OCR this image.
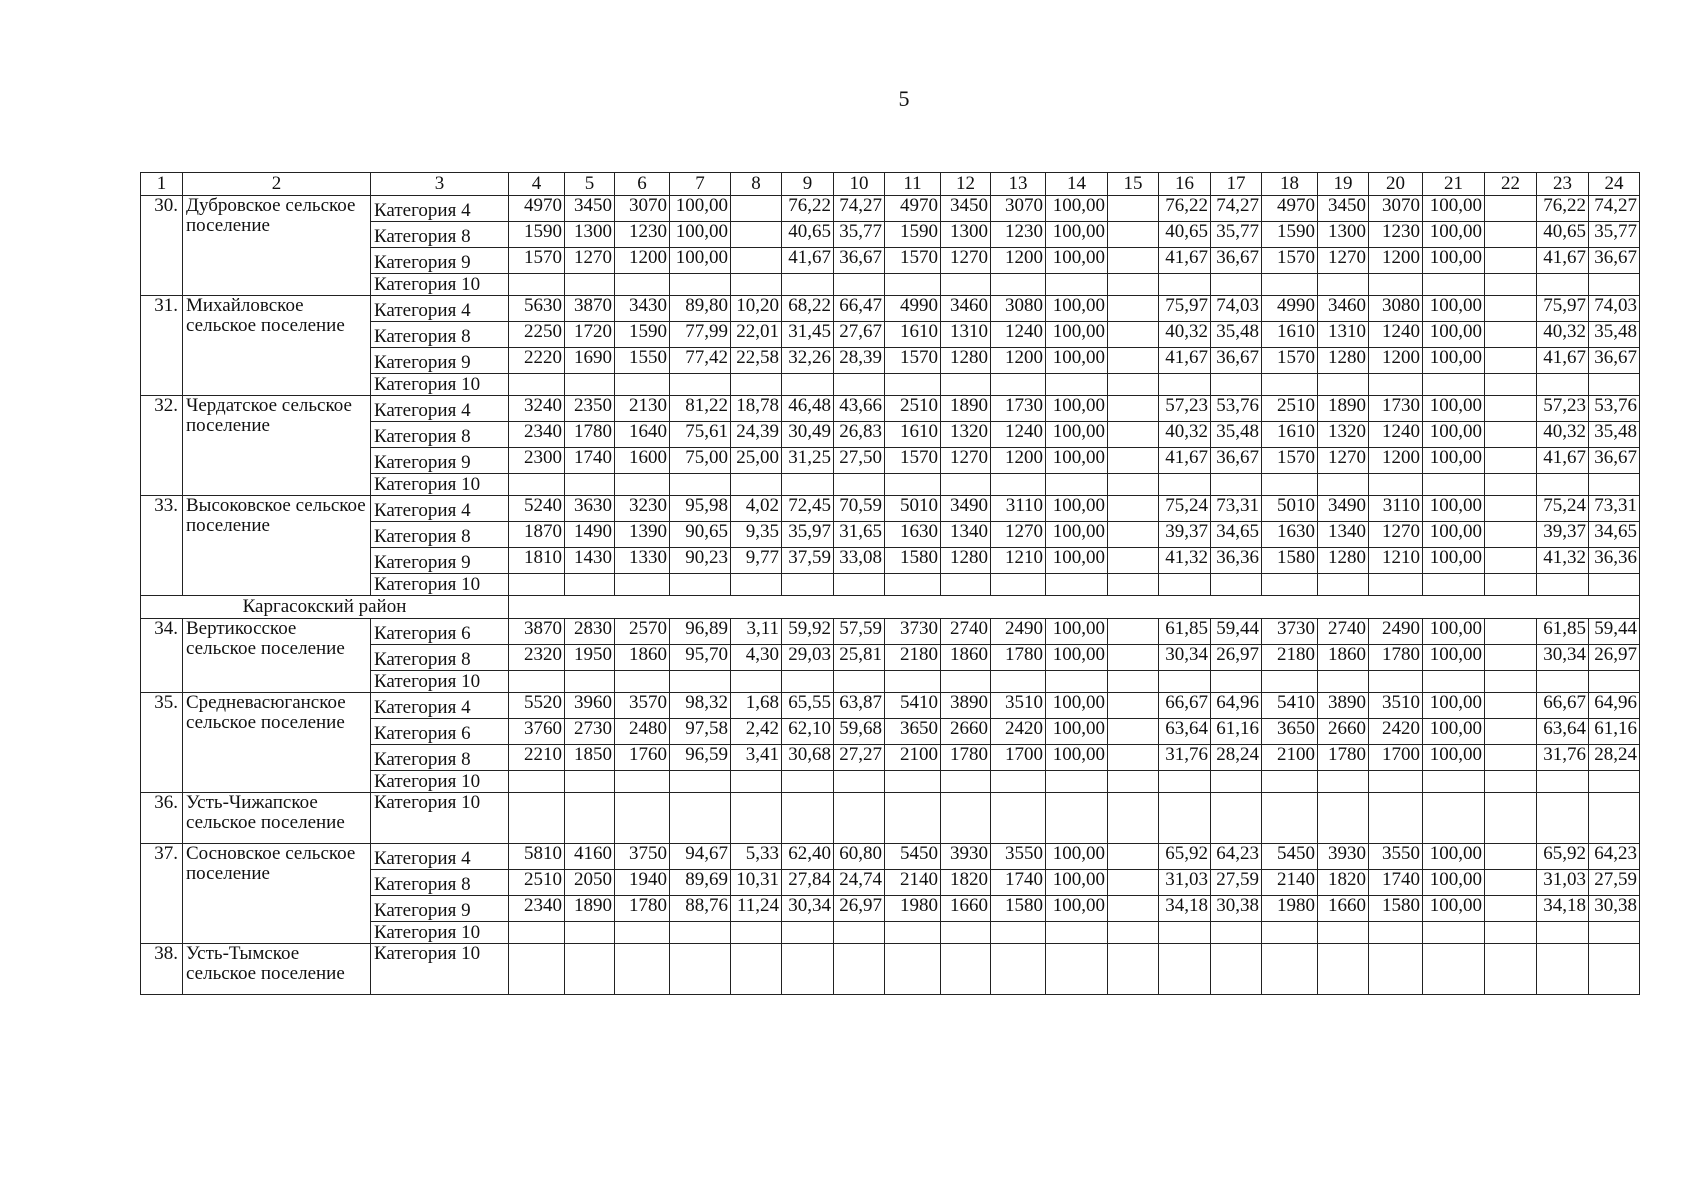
5
1	2	3	4	5	6	7	8	9	10	11	12	13	14	15	16	17	18	19	20	21	22	23	24
30.	Дубровское сельское поселение	Категория 4	4970	3450	3070	100,00		76,22	74,27	4970	3450	3070	100,00		76,22	74,27	4970	3450	3070	100,00		76,22	74,27
		Категория 8	1590	1300	1230	100,00		40,65	35,77	1590	1300	1230	100,00		40,65	35,77	1590	1300	1230	100,00		40,65	35,77
		Категория 9	1570	1270	1200	100,00		41,67	36,67	1570	1270	1200	100,00		41,67	36,67	1570	1270	1200	100,00		41,67	36,67
		Категория 10																					
31.	Михайловское сельское поселение	Категория 4	5630	3870	3430	89,80	10,20	68,22	66,47	4990	3460	3080	100,00		75,97	74,03	4990	3460	3080	100,00		75,97	74,03
		Категория 8	2250	1720	1590	77,99	22,01	31,45	27,67	1610	1310	1240	100,00		40,32	35,48	1610	1310	1240	100,00		40,32	35,48
		Категория 9	2220	1690	1550	77,42	22,58	32,26	28,39	1570	1280	1200	100,00		41,67	36,67	1570	1280	1200	100,00		41,67	36,67
		Категория 10																					
32.	Чердатское сельское поселение	Категория 4	3240	2350	2130	81,22	18,78	46,48	43,66	2510	1890	1730	100,00		57,23	53,76	2510	1890	1730	100,00		57,23	53,76
		Категория 8	2340	1780	1640	75,61	24,39	30,49	26,83	1610	1320	1240	100,00		40,32	35,48	1610	1320	1240	100,00		40,32	35,48
		Категория 9	2300	1740	1600	75,00	25,00	31,25	27,50	1570	1270	1200	100,00		41,67	36,67	1570	1270	1200	100,00		41,67	36,67
		Категория 10																					
33.	Высоковское сельское поселение	Категория 4	5240	3630	3230	95,98	4,02	72,45	70,59	5010	3490	3110	100,00		75,24	73,31	5010	3490	3110	100,00		75,24	73,31
		Категория 8	1870	1490	1390	90,65	9,35	35,97	31,65	1630	1340	1270	100,00		39,37	34,65	1630	1340	1270	100,00		39,37	34,65
		Категория 9	1810	1430	1330	90,23	9,77	37,59	33,08	1580	1280	1210	100,00		41,32	36,36	1580	1280	1210	100,00		41,32	36,36
		Категория 10																					
Каргасокский район																							
34.	Вертикосское сельское поселение	Категория 6	3870	2830	2570	96,89	3,11	59,92	57,59	3730	2740	2490	100,00		61,85	59,44	3730	2740	2490	100,00		61,85	59,44
		Категория 8	2320	1950	1860	95,70	4,30	29,03	25,81	2180	1860	1780	100,00		30,34	26,97	2180	1860	1780	100,00		30,34	26,97
		Категория 10																					
35.	Средневасюганское сельское поселение	Категория 4	5520	3960	3570	98,32	1,68	65,55	63,87	5410	3890	3510	100,00		66,67	64,96	5410	3890	3510	100,00		66,67	64,96
		Категория 6	3760	2730	2480	97,58	2,42	62,10	59,68	3650	2660	2420	100,00		63,64	61,16	3650	2660	2420	100,00		63,64	61,16
		Категория 8	2210	1850	1760	96,59	3,41	30,68	27,27	2100	1780	1700	100,00		31,76	28,24	2100	1780	1700	100,00		31,76	28,24
		Категория 10																					
36.	Усть-Чижапское сельское поселение	Категория 10																					
37.	Сосновское сельское поселение	Категория 4	5810	4160	3750	94,67	5,33	62,40	60,80	5450	3930	3550	100,00		65,92	64,23	5450	3930	3550	100,00		65,92	64,23
		Категория 8	2510	2050	1940	89,69	10,31	27,84	24,74	2140	1820	1740	100,00		31,03	27,59	2140	1820	1740	100,00		31,03	27,59
		Категория 9	2340	1890	1780	88,76	11,24	30,34	26,97	1980	1660	1580	100,00		34,18	30,38	1980	1660	1580	100,00		34,18	30,38
		Категория 10																					
38.	Усть-Тымское сельское поселение	Категория 10																					
